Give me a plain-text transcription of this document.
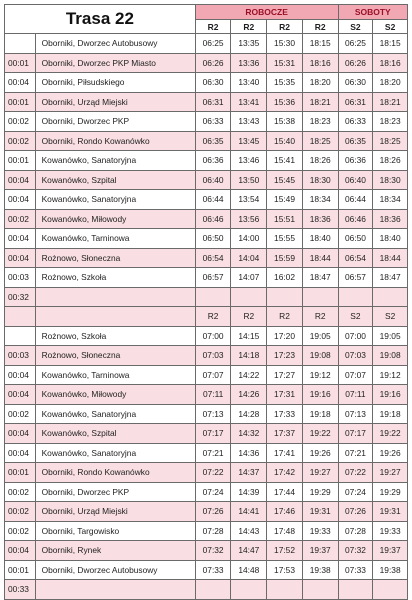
Trasa 22		ROBOCZE				SOBOTY	
		R2	R2	R2	R2	S2	S2
	Oborniki, Dworzec Autobusowy	06:25	13:35	15:30	18:15	06:25	18:15
00:01	Oborniki, Dworzec PKP Miasto	06:26	13:36	15:31	18:16	06:26	18:16
00:04	Oborniki, Piłsudskiego	06:30	13:40	15:35	18:20	06:30	18:20
00:01	Oborniki, Urząd Miejski	06:31	13:41	15:36	18:21	06:31	18:21
00:02	Oborniki, Dworzec PKP	06:33	13:43	15:38	18:23	06:33	18:23
00:02	Oborniki, Rondo Kowanówko	06:35	13:45	15:40	18:25	06:35	18:25
00:01	Kowanówko, Sanatoryjna	06:36	13:46	15:41	18:26	06:36	18:26
00:04	Kowanówko, Szpital	06:40	13:50	15:45	18:30	06:40	18:30
00:04	Kowanówko, Sanatoryjna	06:44	13:54	15:49	18:34	06:44	18:34
00:02	Kowanówko, Miłowody	06:46	13:56	15:51	18:36	06:46	18:36
00:04	Kowanówko, Tarninowa	06:50	14:00	15:55	18:40	06:50	18:40
00:04	Rożnowo, Słoneczna	06:54	14:04	15:59	18:44	06:54	18:44
00:03	Rożnowo, Szkoła	06:57	14:07	16:02	18:47	06:57	18:47
00:32							
		R2	R2	R2	R2	S2	S2
	Rożnowo, Szkoła	07:00	14:15	17:20	19:05	07:00	19:05
00:03	Rożnowo, Słoneczna	07:03	14:18	17:23	19:08	07:03	19:08
00:04	Kowanówko, Tarninowa	07:07	14:22	17:27	19:12	07:07	19:12
00:04	Kowanówko, Miłowody	07:11	14:26	17:31	19:16	07:11	19:16
00:02	Kowanówko, Sanatoryjna	07:13	14:28	17:33	19:18	07:13	19:18
00:04	Kowanówko, Szpital	07:17	14:32	17:37	19:22	07:17	19:22
00:04	Kowanówko, Sanatoryjna	07:21	14:36	17:41	19:26	07:21	19:26
00:01	Oborniki, Rondo Kowanówko	07:22	14:37	17:42	19:27	07:22	19:27
00:02	Oborniki, Dworzec PKP	07:24	14:39	17:44	19:29	07:24	19:29
00:02	Oborniki, Urząd Miejski	07:26	14:41	17:46	19:31	07:26	19:31
00:02	Oborniki, Targowisko	07:28	14:43	17:48	19:33	07:28	19:33
00:04	Oborniki, Rynek	07:32	14:47	17:52	19:37	07:32	19:37
00:01	Oborniki, Dworzec Autobusowy	07:33	14:48	17:53	19:38	07:33	19:38
00:33							
